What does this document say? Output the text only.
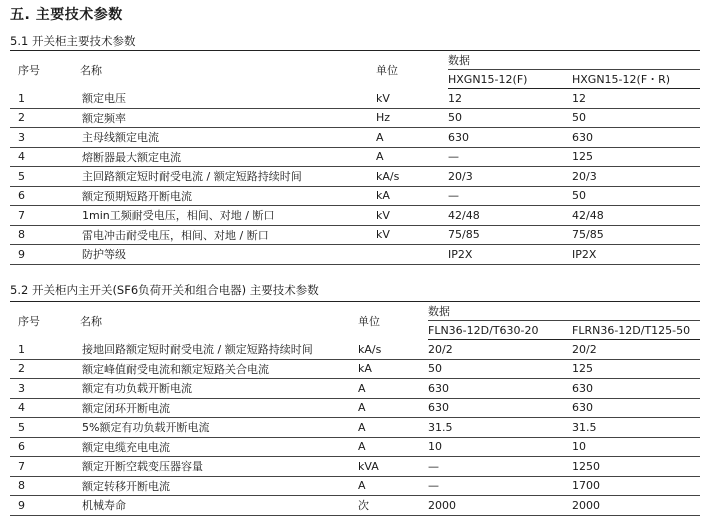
五. 主要技术参数
5.1 开关柜主要技术参数
序号	名称	单位	数据	
			HXGN15-12(F)	HXGN15-12(F・R)
1	额定电压	kV	12	12
2	额定频率	Hz	50	50
3	主母线额定电流	A	630	630
4	熔断器最大额定电流	A	—	125
5	主回路额定短时耐受电流 / 额定短路持续时间	kA/s	20/3	20/3
6	额定预期短路开断电流	kA	—	50
7	1min工频耐受电压，相间、对地 / 断口	kV	42/48	42/48
8	雷电冲击耐受电压，相间、对地 / 断口	kV	75/85	75/85
9	防护等级		IP2X	IP2X
5.2 开关柜内主开关(SF6负荷开关和组合电器) 主要技术参数
序号	名称	单位	数据	
			FLN36-12D/T630-20	FLRN36-12D/T125-50
1	接地回路额定短时耐受电流 / 额定短路持续时间	kA/s	20/2	20/2
2	额定峰值耐受电流和额定短路关合电流	kA	50	125
3	额定有功负载开断电流	A	630	630
4	额定闭环开断电流	A	630	630
5	5%额定有功负载开断电流	A	31.5	31.5
6	额定电缆充电电流	A	10	10
7	额定开断空载变压器容量	kVA	—	1250
8	额定转移开断电流	A	—	1700
9	机械寿命	次	2000	2000
